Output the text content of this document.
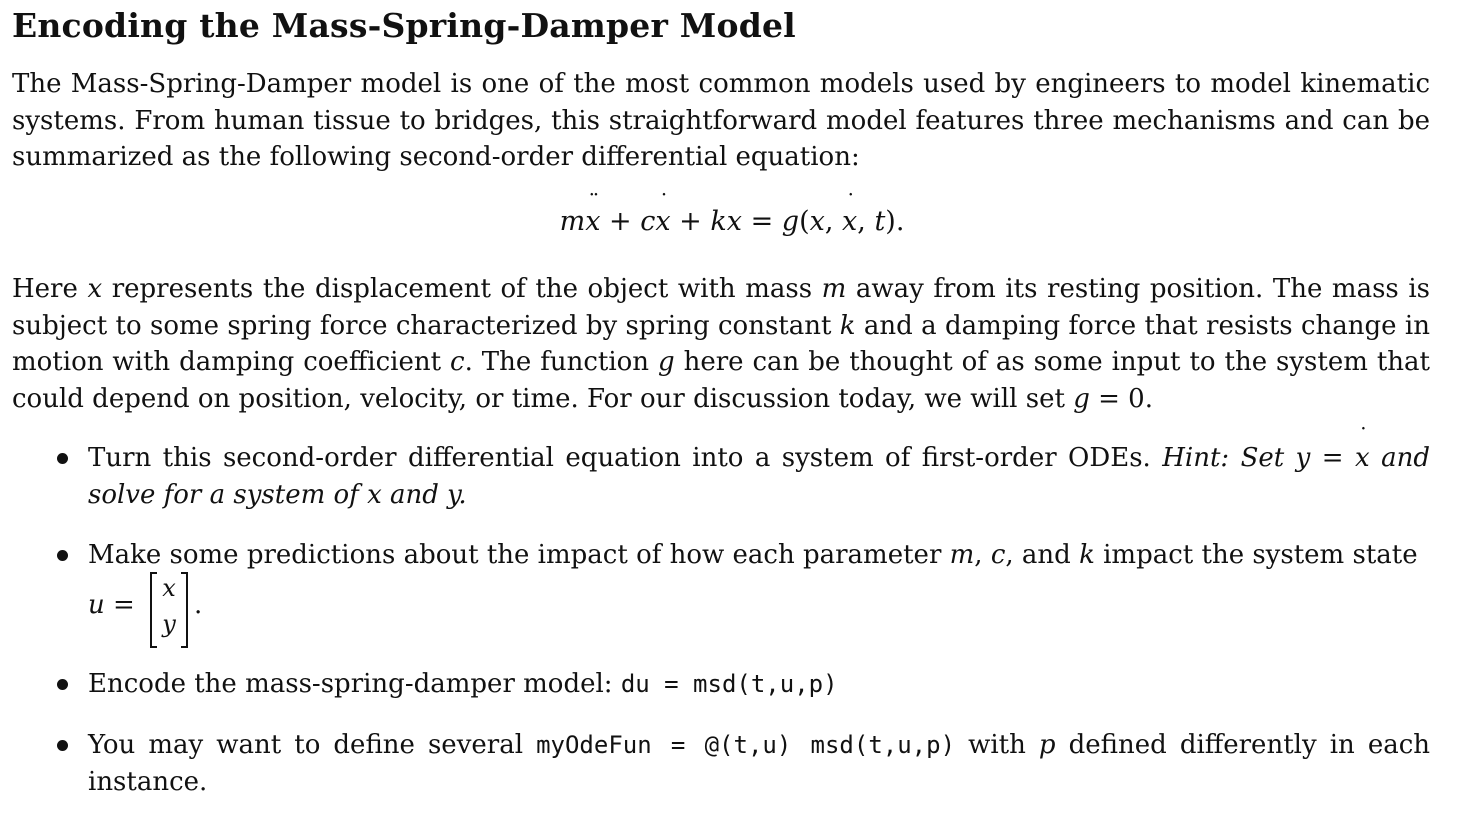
Encoding the Mass-Spring-Damper Model

The Mass-Spring-Damper model is one of the most common models used by engineers to model kinematic systems. From human tissue to bridges, this straightforward model features three mechanisms and can be summarized as the following second-order differential equation:

mx ¨ + cx ˙ + kx = g(x, x ˙, t).

Here x represents the displacement of the object with mass m away from its resting position. The mass is subject to some spring force characterized by spring constant k and a damping force that resists change in motion with damping coefficient c. The function g here can be thought of as some input to the system that could depend on position, velocity, or time. For our discussion today, we will set g = 0.

Turn this second-order differential equation into a system of first-order ODEs. Hint: Set y = x ˙ and solve for a system of x and y.
Make some predictions about the impact of how each parameter m, c, and k impact the system state
u =
x
y
.
Encode the mass-spring-damper model: du = msd(t,u,p)
You may want to define several myOdeFun = @(t,u) msd(t,u,p) with p defined differently in each instance.
